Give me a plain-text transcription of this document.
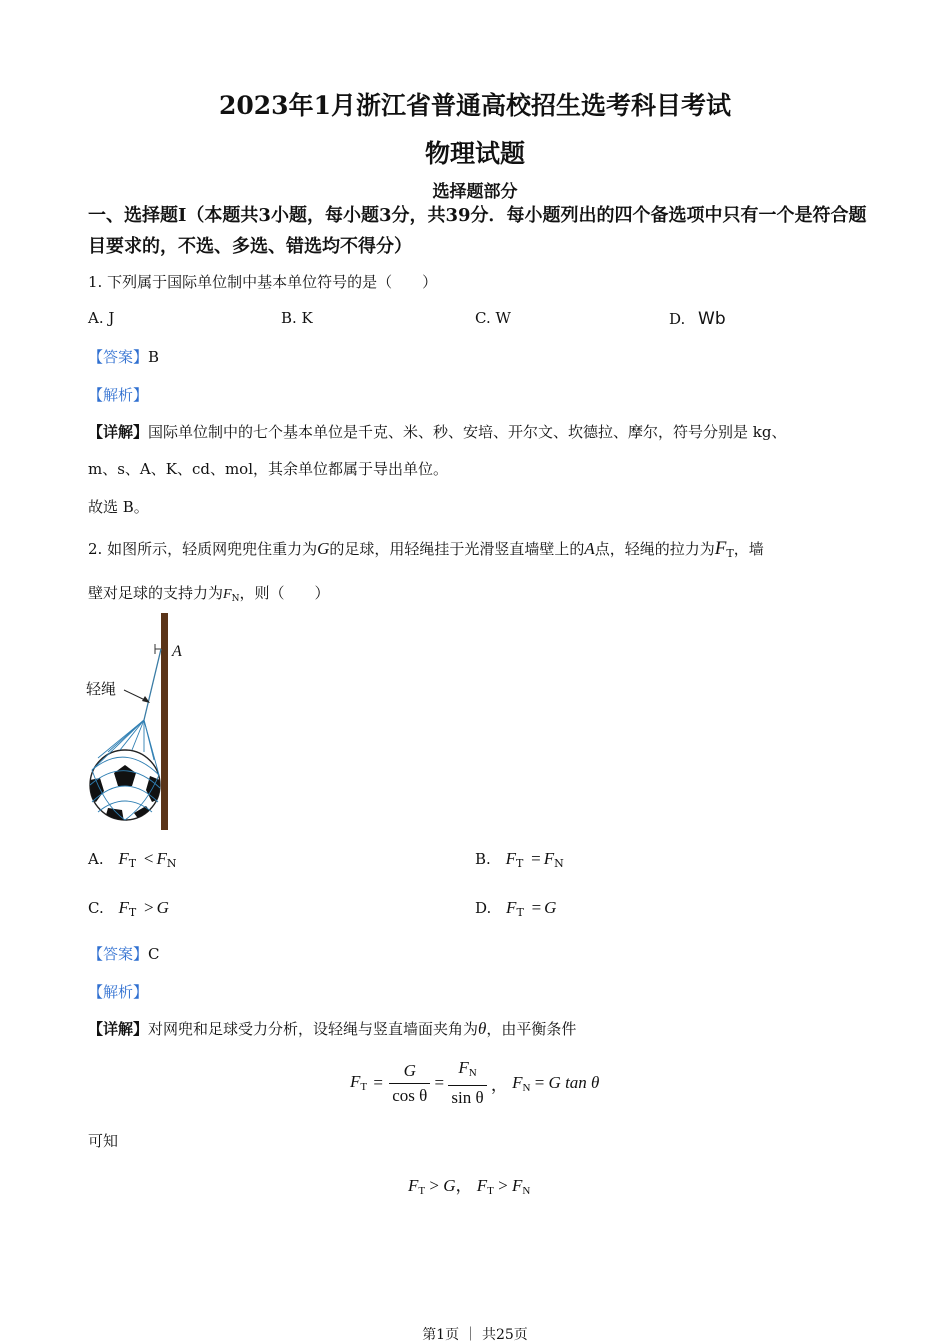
2023年1月浙江省普通高校招生选考科目考试
物理试题
选择题部分
一、选择题Ⅰ（本题共3小题，每小题3分，共39分．每小题列出的四个备选项中只有一个是符合题目要求的，不选、多选、错选均不得分）
1. 下列属于国际单位制中基本单位符号的是（　　）
A. J	B. K	C. W	D. Wb
【答案】B
【解析】
【详解】国际单位制中的七个基本单位是千克、米、秒、安培、开尔文、坎德拉、摩尔，符号分别是 kg、
m、s、A、K、cd、mol，其余单位都属于导出单位。
故选 B。
2. 如图所示，轻质网兜兜住重力为G的足球，用轻绳挂于光滑竖直墙壁上的A点，轻绳的拉力为$F_T$，墙
壁对足球的支持力为$F_N$，则（　　）
A
轻绳
A. $F_T < F_N$	B. $F_T = F_N$
C. $F_T > G$	D. $F_T = G$
【答案】C
【解析】
【详解】对网兜和足球受力分析，设轻绳与竖直墙面夹角为θ，由平衡条件
FT = $\frac{G}{\text{cos θ}} = \frac{FN}{\text{sin θ}}$ ， FN = G tan θ
可知
FT > G， FT > FN
第1页 ｜ 共25页
